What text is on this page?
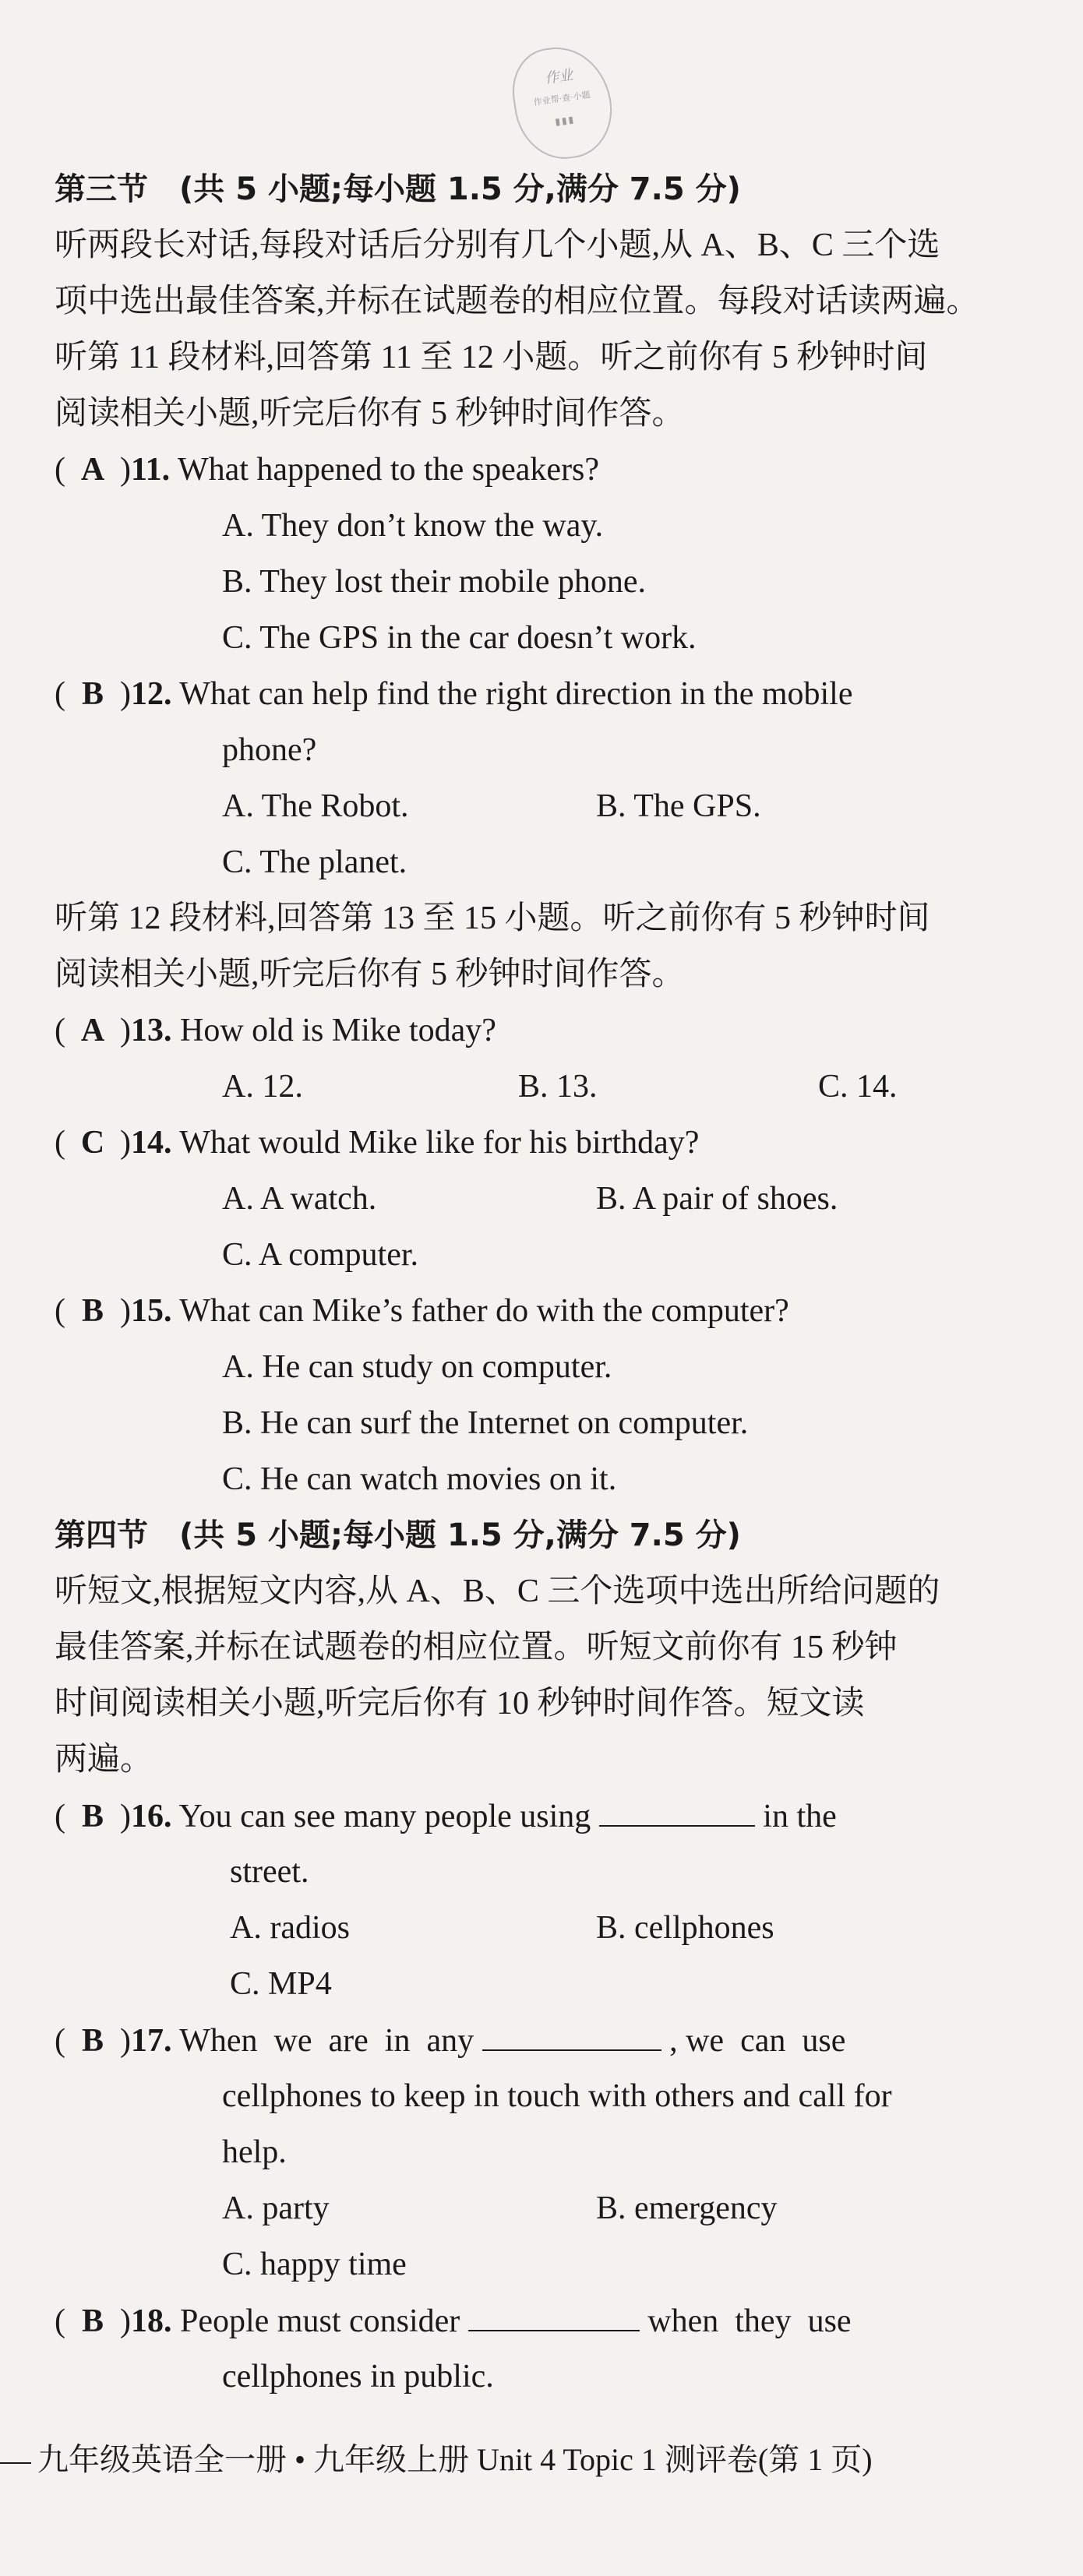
作业
作业帮·查·小题
▮▮▮
第三节　(共 5 小题;每小题 1.5 分,满分 7.5 分)
听两段长对话,每段对话后分别有几个小题,从 A、B、C 三个选
项中选出最佳答案,并标在试题卷的相应位置。每段对话读两遍。
听第 11 段材料,回答第 11 至 12 小题。听之前你有 5 秒钟时间
阅读相关小题,听完后你有 5 秒钟时间作答。
( A )11. What happened to the speakers?
A. They don’t know the way.
B. They lost their mobile phone.
C. The GPS in the car doesn’t work.
( B )12. What can help find the right direction in the mobile
phone?
A. The Robot.	B. The GPS.
C. The planet.
听第 12 段材料,回答第 13 至 15 小题。听之前你有 5 秒钟时间
阅读相关小题,听完后你有 5 秒钟时间作答。
( A )13. How old is Mike today?
A. 12.	B. 13.	C. 14.
( C )14. What would Mike like for his birthday?
A. A watch.	B. A pair of shoes.
C. A computer.
( B )15. What can Mike’s father do with the computer?
A. He can study on computer.
B. He can surf the Internet on computer.
C. He can watch movies on it.
第四节　(共 5 小题;每小题 1.5 分,满分 7.5 分)
听短文,根据短文内容,从 A、B、C 三个选项中选出所给问题的
最佳答案,并标在试题卷的相应位置。听短文前你有 15 秒钟
时间阅读相关小题,听完后你有 10 秒钟时间作答。短文读
两遍。
( B )16. You can see many people using	in the
street.
A. radios	B. cellphones
C. MP4
( B )17. When  we  are  in  any	, we  can  use
cellphones to keep in touch with others and call for
help.
A. party	B. emergency
C. happy time
( B )18. People must consider	when  they  use
cellphones in public.
九年级英语全一册 • 九年级上册 Unit 4 Topic 1 测评卷(第 1 页)
